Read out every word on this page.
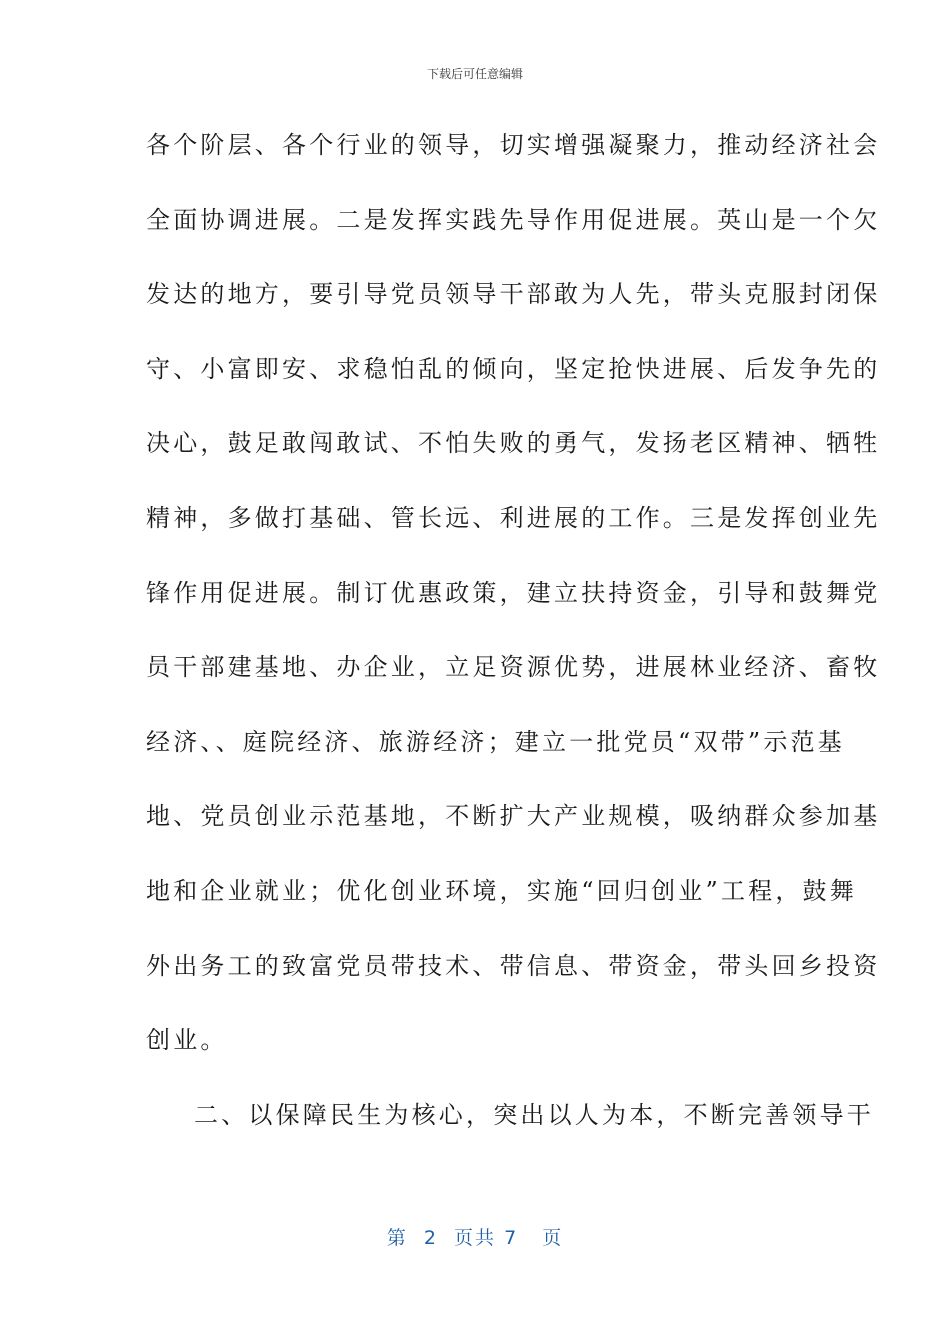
下载后可任意编辑
各个阶层、各个行业的领导，切实增强凝聚力，推动经济社会
全面协调进展。二是发挥实践先导作用促进展。英山是一个欠
发达的地方，要引导党员领导干部敢为人先，带头克服封闭保
守、小富即安、求稳怕乱的倾向，坚定抢快进展、后发争先的
决心，鼓足敢闯敢试、不怕失败的勇气，发扬老区精神、牺牲
精神，多做打基础、管长远、利进展的工作。三是发挥创业先
锋作用促进展。制订优惠政策，建立扶持资金，引导和鼓舞党
员干部建基地、办企业，立足资源优势，进展林业经济、畜牧
经济、、庭院经济、旅游经济；建立一批党员“双带”示范基
地、党员创业示范基地，不断扩大产业规模，吸纳群众参加基
地和企业就业；优化创业环境，实施“回归创业”工程，鼓舞
外出务工的致富党员带技术、带信息、带资金，带头回乡投资
创业。
二、以保障民生为核心，突出以人为本，不断完善领导干
第 2 页共 7 页
